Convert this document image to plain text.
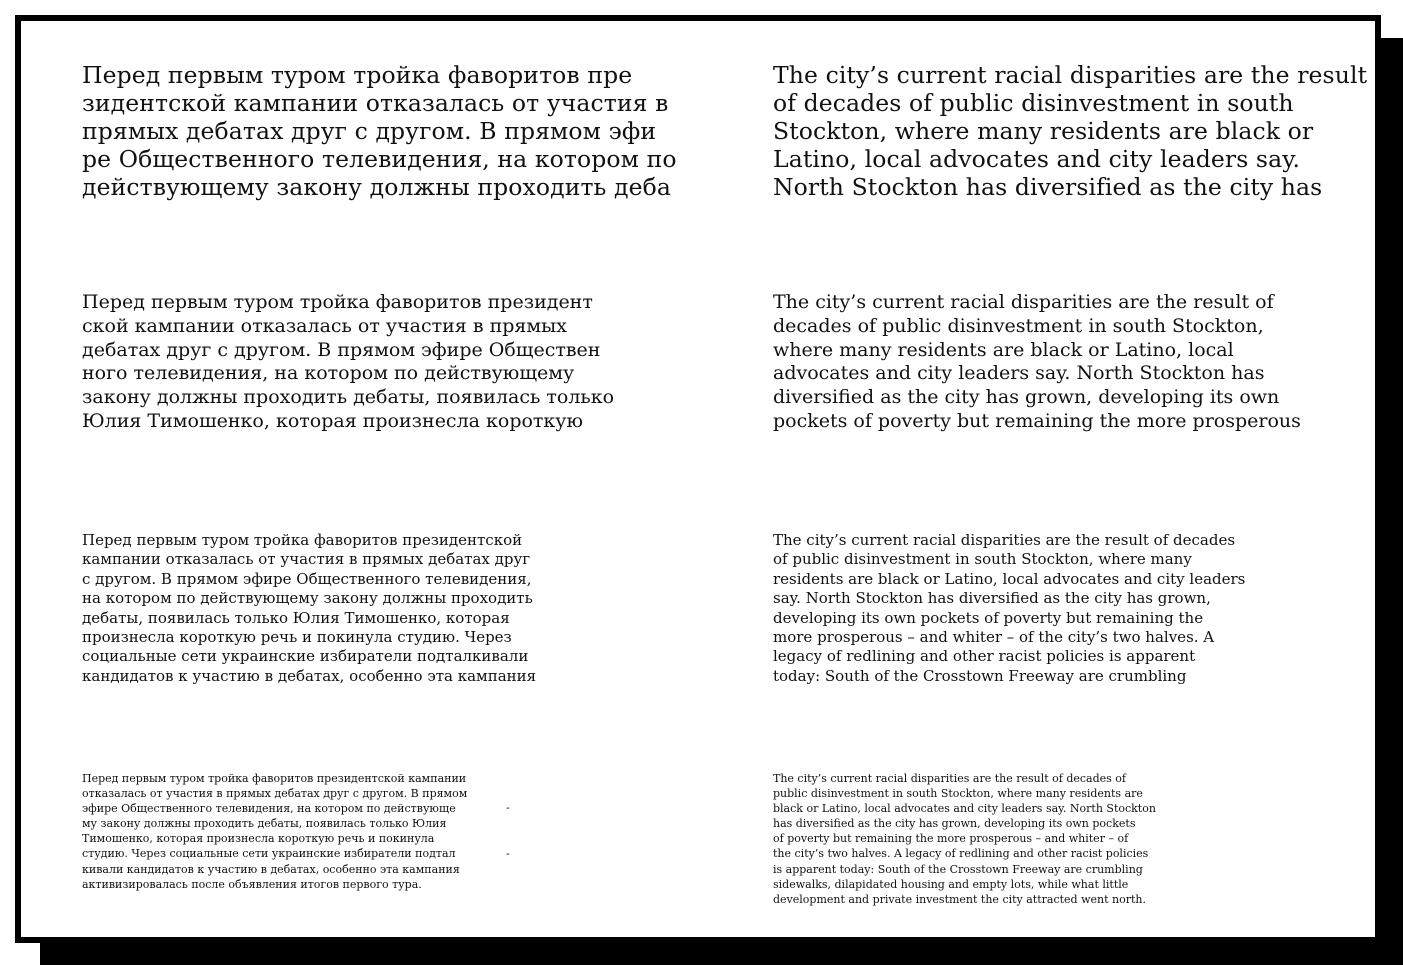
Перед первым туром тройка фаворитов пре
зидентской кампании отказалась от участия в
прямых дебатах друг с другом. В прямом эфи
ре Общественного телевидения, на котором по
действующему закону должны проходить деба
The city’s current racial disparities are the result
of decades of public disinvestment in south
Stockton, where many residents are black or
Latino, local advocates and city leaders say.
North Stockton has diversified as the city has
Перед первым туром тройка фаворитов президент
ской кампании отказалась от участия в прямых
дебатах друг с другом. В прямом эфире Обществен
ного телевидения, на котором по действующему
закону должны проходить дебаты, появилась только
Юлия Тимошенко, которая произнесла короткую
The city’s current racial disparities are the result of
decades of public disinvestment in south Stockton,
where many residents are black or Latino, local
advocates and city leaders say. North Stockton has
diversified as the city has grown, developing its own
pockets of poverty but remaining the more prosperous
Перед первым туром тройка фаворитов президентской
кампании отказалась от участия в прямых дебатах друг
с другом. В прямом эфире Общественного телевидения,
на котором по действующему закону должны проходить
дебаты, появилась только Юлия Тимошенко, которая
произнесла короткую речь и покинула студию. Через
социальные сети украинские избиратели подталкивали
кандидатов к участию в дебатах, особенно эта кампания
The city’s current racial disparities are the result of decades
of public disinvestment in south Stockton, where many
residents are black or Latino, local advocates and city leaders
say. North Stockton has diversified as the city has grown,
developing its own pockets of poverty but remaining the
more prosperous – and whiter – of the city’s two halves. A
legacy of redlining and other racist policies is apparent
today: South of the Crosstown Freeway are crumbling
Перед первым туром тройка фаворитов президентской кампании
отказалась от участия в прямых дебатах друг с другом. В прямом
эфире Общественного телевидения, на котором по действующе
му закону должны проходить дебаты, появилась только Юлия
Тимошенко, которая произнесла короткую речь и покинула
студию. Через социальные сети украинские избиратели подтал
кивали кандидатов к участию в дебатах, особенно эта кампания
активизировалась после объявления итогов первого тура.
-
-
The city’s current racial disparities are the result of decades of
public disinvestment in south Stockton, where many residents are
black or Latino, local advocates and city leaders say. North Stockton
has diversified as the city has grown, developing its own pockets
of poverty but remaining the more prosperous – and whiter – of
the city’s two halves. A legacy of redlining and other racist policies
is apparent today: South of the Crosstown Freeway are crumbling
sidewalks, dilapidated housing and empty lots, while what little
development and private investment the city attracted went north.
